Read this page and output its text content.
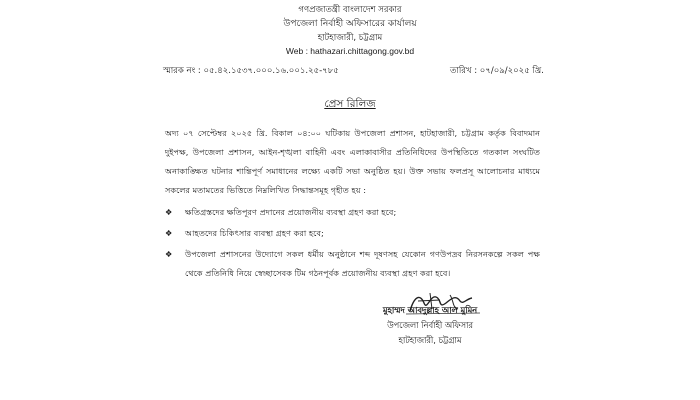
গণপ্রজাতন্ত্রী বাংলাদেশ সরকার
উপজেলা নির্বাহী অফিসারের কার্যালয়
হাটহাজারী, চট্টগ্রাম
Web : hathazari.chittagong.gov.bd
স্মারক নং : ০৫.৪২.১৫৩৭.০০০.১৬.০০১.২৫-৭৮৫	তারিখ : ০৭/০৯/২০২৫ খ্রি.
প্রেস রিলিজ
অদ্য ০৭ সেপ্টেম্বর ২০২৫ খ্রি. বিকাল ০৪:০০ ঘটিকায় উপজেলা প্রশাসন, হাটহাজারী, চট্টগ্রাম কর্তৃক বিবাদমান দুইপক্ষ, উপজেলা প্রশাসন, আইন-শৃঙ্খলা বাহিনী এবং এলাকাবাসীর প্রতিনিধিদের উপস্থিতিতে গতকাল সংঘটিত অনাকাঙ্ক্ষিত ঘটনার শান্তিপূর্ণ সমাধানের লক্ষ্যে একটি সভা অনুষ্ঠিত হয়। উক্ত সভায় ফলপ্রসূ আলোচনার মাধ্যমে সকলের মতামতের ভিত্তিতে নিম্নলিখিত সিদ্ধান্তসমূহ গৃহীত হয় :
❖ ক্ষতিগ্রস্তদের ক্ষতিপূরণ প্রদানের প্রয়োজনীয় ব্যবস্থা গ্রহণ করা হবে;
❖ আহতদের চিকিৎসার ব্যবস্থা গ্রহণ করা হবে;
❖ উপজেলা প্রশাসনের উদ্যোগে সকল ধর্মীয় অনুষ্ঠানে শব্দ দূষণসহ যেকোন গণউপদ্রব নিরসনকল্পে সকল পক্ষ থেকে প্রতিনিধি নিয়ে স্বেচ্ছাসেবক টিম গঠনপূর্বক প্রয়োজনীয় ব্যবস্থা গ্রহণ করা হবে।
মুহাম্মদ আবদুল্লাহ আল মুমিন
উপজেলা নির্বাহী অফিসার
হাটহাজারী, চট্টগ্রাম
